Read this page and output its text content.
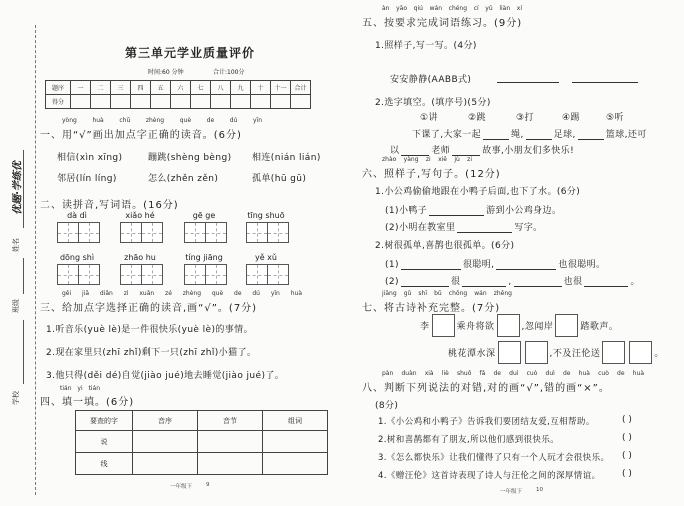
优题·学练优
姓名
班级
学校
第三单元学业质量评价
时间:60 分钟	合计:100分
题序	一	二	三	四	五	六	七	八	九	十	十一	合计
得分												
yòng huà chū zhèng què de dú yīn
一、用“√”画出加点字正确的读音。(6分)
相信(xìn xīng)	蹦跳(shèng bèng) 相连(nián lián)
邻居(lín líng)	怎么(zhěn zěn)	孤单(hū gū)
二、读拼音,写词语。(16分)
dà dì	xiǎo hé	gē ge	tīng shuō
dōng shì	zhāo hu	tíng jiāng	yě xǔ
gěi jiā diǎn zì xuǎn zé zhèng què de dú yīn huà
三、给加点字选择正确的读音,画“√”。(7分)
1.听音乐(yuè lè)是一件很快乐(yuè lè)的事情。
2.现在家里只(zhī zhǐ)剩下一只(zhī zhǐ)小猫了。
3.他只得(děi dé)自觉(jiào jué)地去睡觉(jiào jué)了。
tián yi tián
四、填一填。(6分)
要查的字	音序	音节	组词
说			
线			
一年级下	9
àn yāo qiú wán chéng cí yǔ liàn xí
五、按要求完成词语练习。(9分)
1.照样子,写一写。(4分)
安安静静(AABB式)
2.选字填空。(填序号)(5分)
①讲	②跳	③打	④踢	⑤听
下课了,大家一起	绳,	足球,	篮球,还可
以	老师	故事,小朋友们多快乐!
zhào yàng zi xiě jù zi
六、照样子,写句子。(12分)
1.小公鸡偷偷地跟在小鸭子后面,也下了水。(6分)
(1)小鸭子	游到小公鸡身边。
(2)小明在教室里	写字。
2.树很孤单,喜鹊也很孤单。(6分)
(1)	很聪明,	也很聪明。
(2)	很	,	也很	。
jiāng gǔ shī bǔ chōng wán zhěng
七、将古诗补充完整。(7分)
李	乘舟将欲	,忽闻岸	踏歌声。
桃花潭水深	,不及汪伦送	。
pàn duàn xià liè shuō fǎ de duì cuò duì de huà cuò de huà
八、判断下列说法的对错,对的画“√”,错的画“×”。
(8分)
1.《小公鸡和小鸭子》告诉我们要团结友爱,互相帮助。
2.树和喜鹊都有了朋友,所以他们感到很快乐。
3.《怎么都快乐》让我们懂得了只有一个人玩才会很快乐。
4.《赠汪伦》这首诗表现了诗人与汪伦之间的深厚情谊。
( )
( )
( )
( )
一年级下	10
